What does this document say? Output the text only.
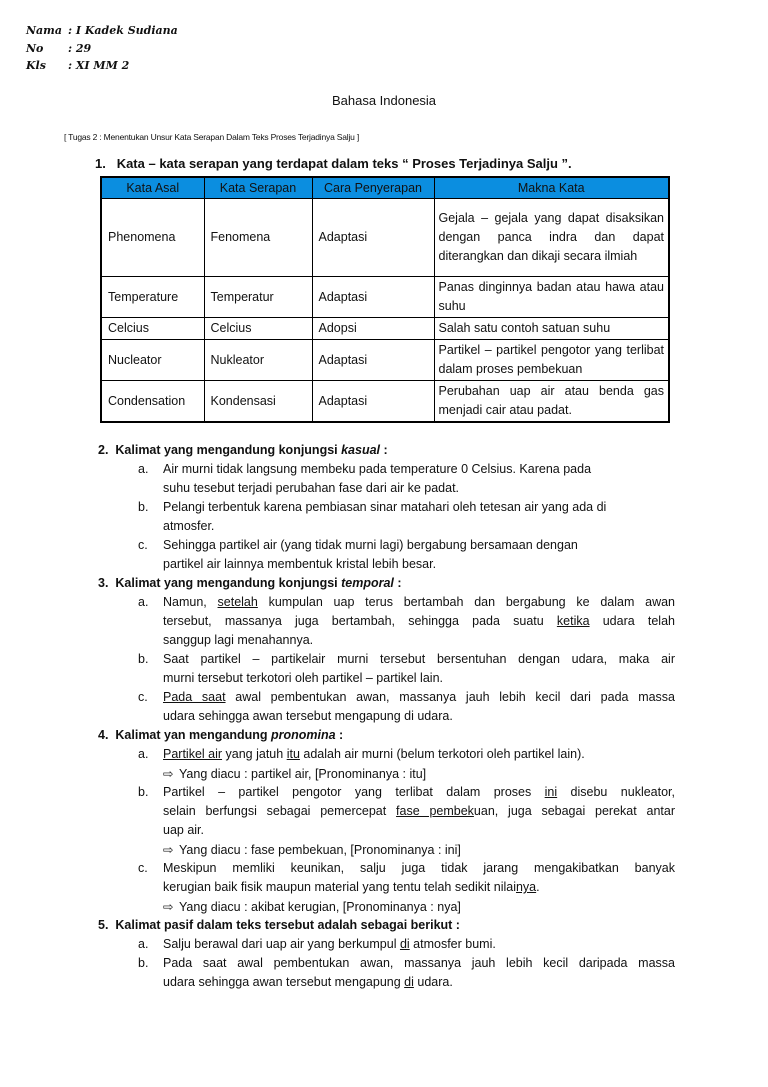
Nama : I Kadek Sudiana
No : 29
Kls : XI MM 2
Bahasa Indonesia
[ Tugas 2 : Menentukan Unsur Kata Serapan Dalam Teks Proses Terjadinya Salju ]
1. Kata – kata serapan yang terdapat dalam teks “ Proses Terjadinya Salju ”.
Kata Asal	Kata Serapan	Cara Penyerapan	Makna Kata
Phenomena	Fenomena	Adaptasi	Gejala – gejala yang dapat disaksikan dengan panca indra dan dapat diterangkan dan dikaji secara ilmiah
Temperature	Temperatur	Adaptasi	Panas dinginnya badan atau hawa atau suhu
Celcius	Celcius	Adopsi	Salah satu contoh satuan suhu
Nucleator	Nukleator	Adaptasi	Partikel – partikel pengotor yang terlibat dalam proses pembekuan
Condensation	Kondensasi	Adaptasi	Perubahan uap air atau benda gas menjadi cair atau padat.
2. Kalimat yang mengandung konjungsi kasual :
a. Air murni tidak langsung membeku pada temperature 0 Celsius. Karena pada
suhu tesebut terjadi perubahan fase dari air ke padat.
b. Pelangi terbentuk karena pembiasan sinar matahari oleh tetesan air yang ada di
atmosfer.
c. Sehingga partikel air (yang tidak murni lagi) bergabung bersamaan dengan
partikel air lainnya membentuk kristal lebih besar.
3. Kalimat yang mengandung konjungsi temporal :
a. Namun, setelah kumpulan uap terus bertambah dan bergabung ke dalam awan
tersebut, massanya juga bertambah, sehingga pada suatu ketika udara telah
sanggup lagi menahannya.
b. Saat partikel – partikelair murni tersebut bersentuhan dengan udara, maka air
murni tersebut terkotori oleh partikel – partikel lain.
c. Pada saat awal pembentukan awan, massanya jauh lebih kecil dari pada massa
udara sehingga awan tersebut mengapung di udara.
4. Kalimat yan mengandung pronomina :
a. Partikel air yang jatuh itu adalah air murni (belum terkotori oleh partikel lain).
⇨ Yang diacu : partikel air, [Pronominanya : itu]
b. Partikel – partikel pengotor yang terlibat dalam proses ini disebu nukleator,
selain berfungsi sebagai pemercepat fase pembekuan, juga sebagai perekat antar
uap air.
⇨ Yang diacu : fase pembekuan, [Pronominanya : ini]
c. Meskipun memliki keunikan, salju juga tidak jarang mengakibatkan banyak
kerugian baik fisik maupun material yang tentu telah sedikit nilainya.
⇨ Yang diacu : akibat kerugian, [Pronominanya : nya]
5. Kalimat pasif dalam teks tersebut adalah sebagai berikut :
a. Salju berawal dari uap air yang berkumpul di atmosfer bumi.
b. Pada saat awal pembentukan awan, massanya jauh lebih kecil daripada massa
udara sehingga awan tersebut mengapung di udara.
